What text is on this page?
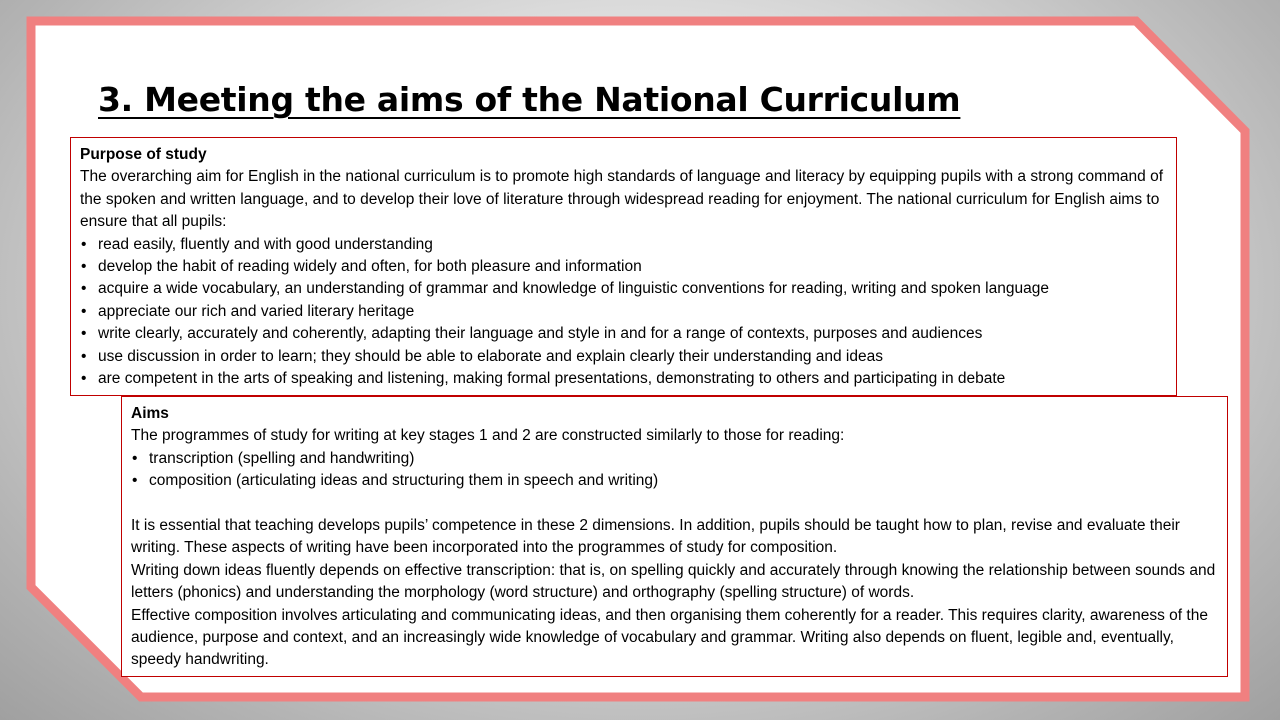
3. Meeting the aims of the National Curriculum
Purpose of study

The overarching aim for English in the national curriculum is to promote high standards of language and literacy by equipping pupils with a strong command of the spoken and written language, and to develop their love of literature through widespread reading for enjoyment. The national curriculum for English aims to ensure that all pupils:

• read easily, fluently and with good understanding
• develop the habit of reading widely and often, for both pleasure and information
• acquire a wide vocabulary, an understanding of grammar and knowledge of linguistic conventions for reading, writing and spoken language
• appreciate our rich and varied literary heritage
• write clearly, accurately and coherently, adapting their language and style in and for a range of contexts, purposes and audiences
• use discussion in order to learn; they should be able to elaborate and explain clearly their understanding and ideas
• are competent in the arts of speaking and listening, making formal presentations, demonstrating to others and participating in debate
Aims

The programmes of study for writing at key stages 1 and 2 are constructed similarly to those for reading:

• transcription (spelling and handwriting)
• composition (articulating ideas and structuring them in speech and writing)

It is essential that teaching develops pupils’ competence in these 2 dimensions. In addition, pupils should be taught how to plan, revise and evaluate their writing. These aspects of writing have been incorporated into the programmes of study for composition.

Writing down ideas fluently depends on effective transcription: that is, on spelling quickly and accurately through knowing the relationship between sounds and letters (phonics) and understanding the morphology (word structure) and orthography (spelling structure) of words.

Effective composition involves articulating and communicating ideas, and then organising them coherently for a reader. This requires clarity, awareness of the audience, purpose and context, and an increasingly wide knowledge of vocabulary and grammar. Writing also depends on fluent, legible and, eventually, speedy handwriting.
